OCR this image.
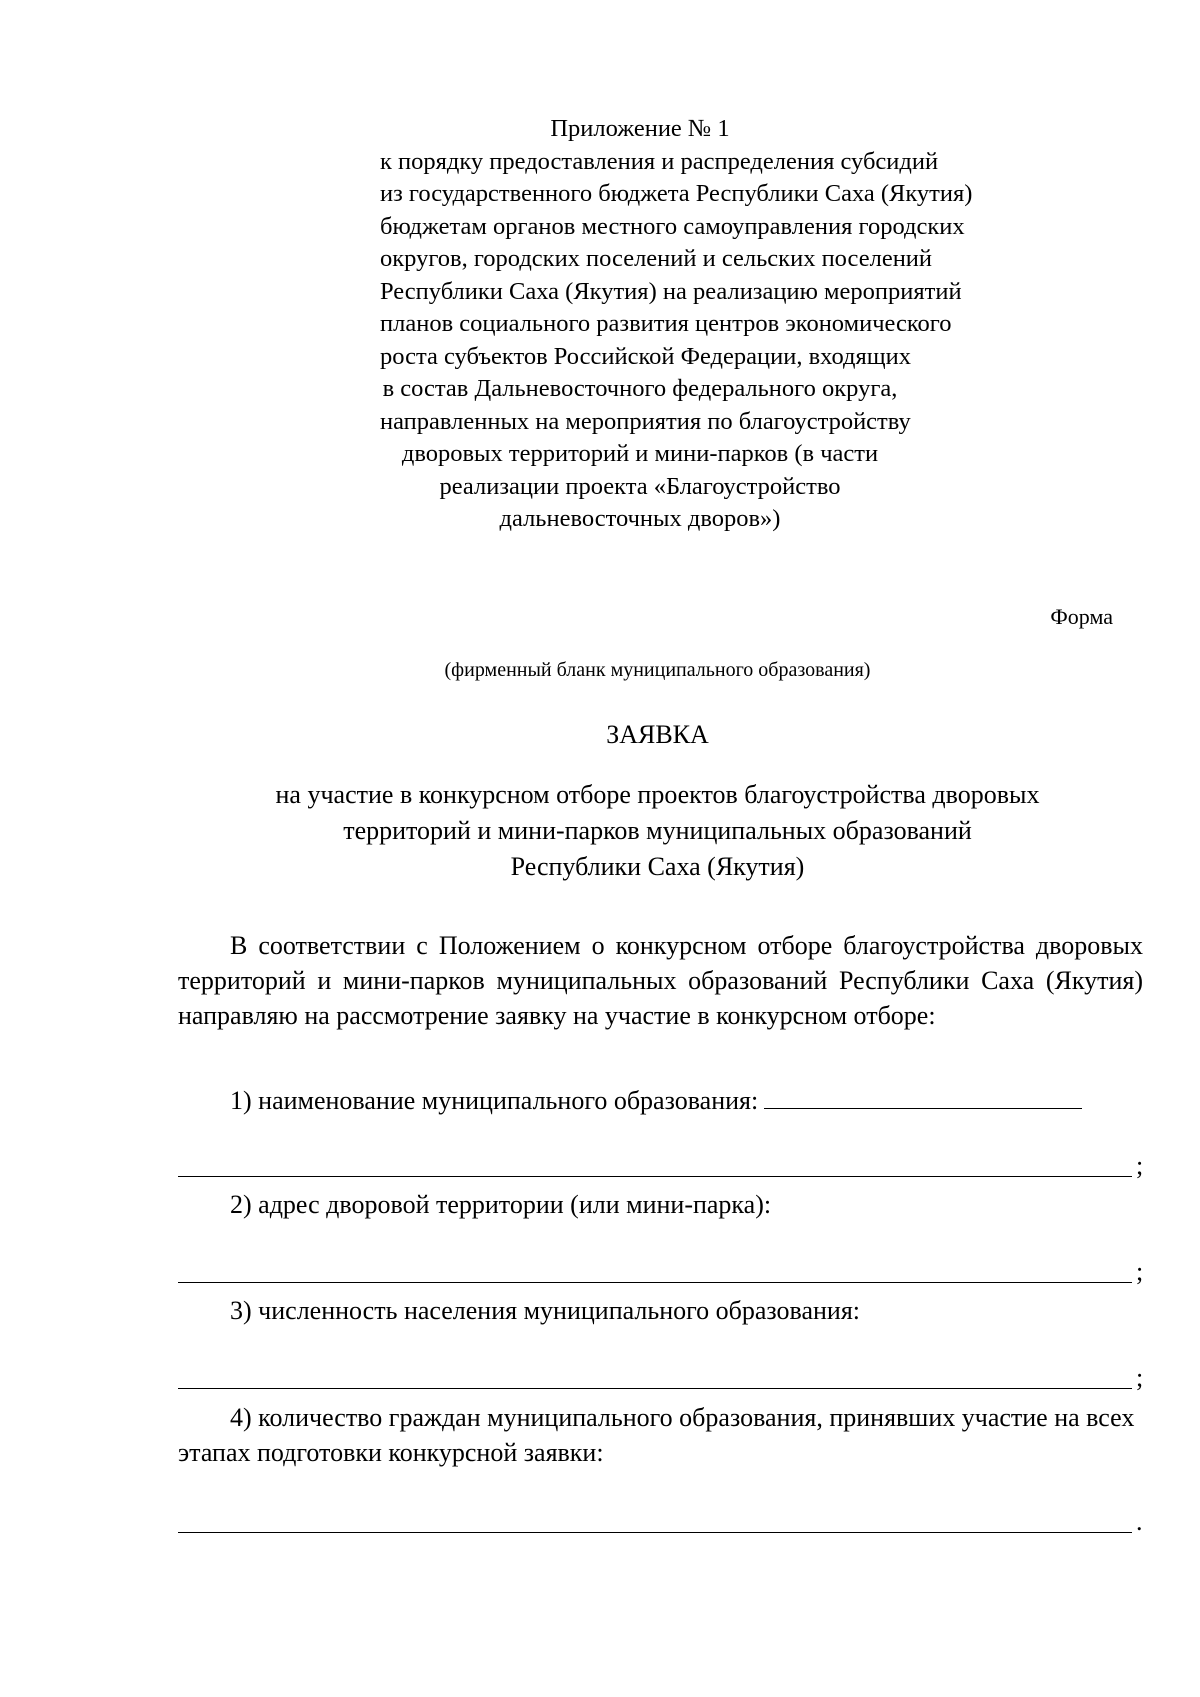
Приложение № 1
к порядку предоставления и распределения субсидий
из государственного бюджета Республики Саха (Якутия)
бюджетам органов местного самоуправления городских
округов, городских поселений и сельских поселений
Республики Саха (Якутия) на реализацию мероприятий
планов социального развития центров экономического
роста субъектов Российской Федерации, входящих
в состав Дальневосточного федерального округа,
направленных на мероприятия по благоустройству
дворовых территорий и мини-парков (в части
реализации проекта «Благоустройство
дальневосточных дворов»)
Форма
(фирменный бланк муниципального образования)
ЗАЯВКА
на участие в конкурсном отборе проектов благоустройства дворовых
территорий и мини-парков муниципальных образований
Республики Саха (Якутия)

В соответствии с Положением о конкурсном отборе благоустройства дворовых территорий и мини-парков муниципальных образований Республики Саха (Якутия) направляю на рассмотрение заявку на участие в конкурсном отборе:

1) наименование муниципального образования:
;
2) адрес дворовой территории (или мини-парка):
;
3) численность населения муниципального образования:
;

4) количество граждан муниципального образования, принявших участие на всех этапах подготовки конкурсной заявки:

.
